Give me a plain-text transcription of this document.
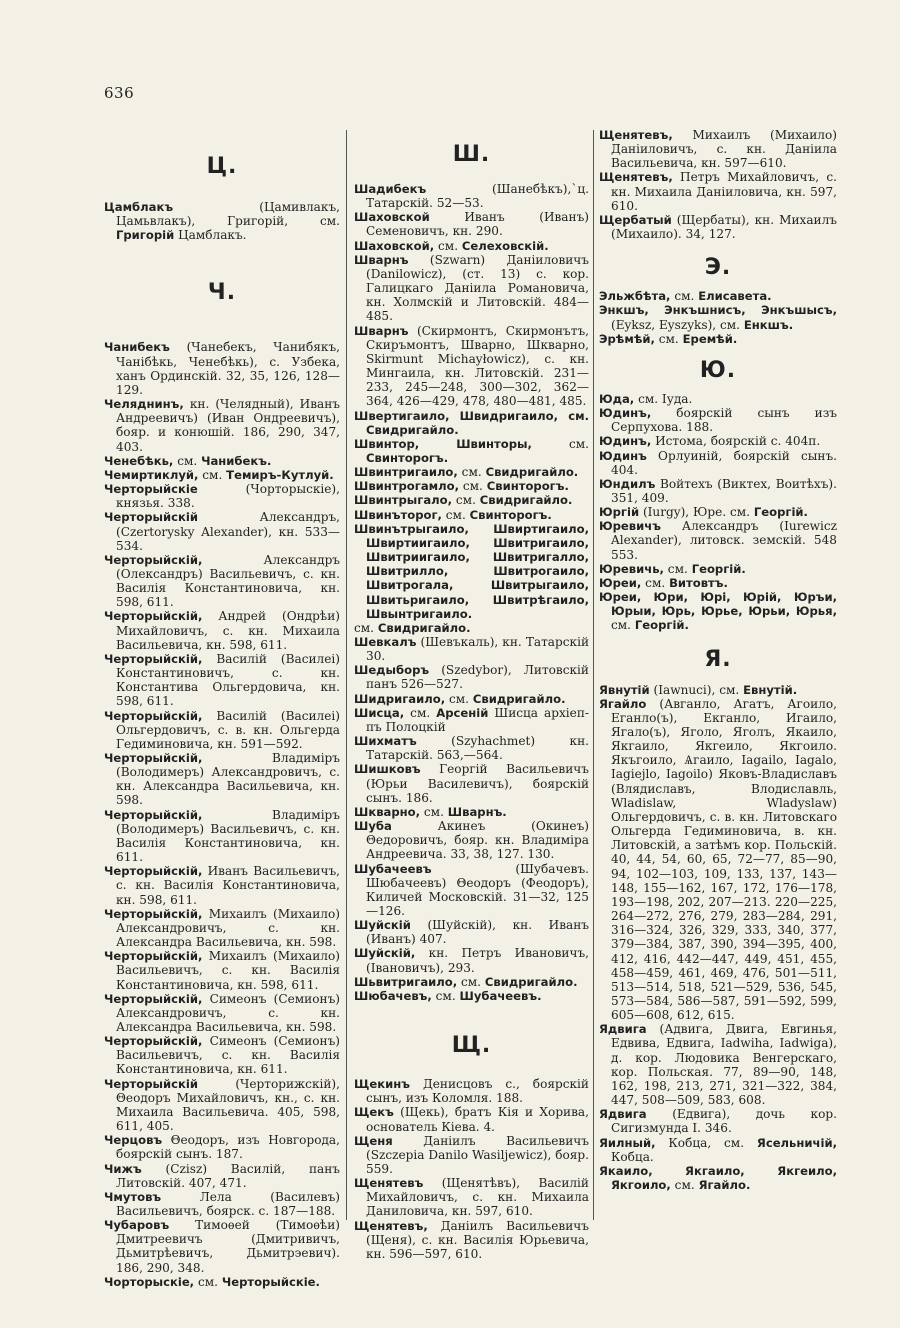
636
Ц.
Цамблакъ	(Цамивлакъ, Цамьвлакъ), Григорій, см. Григорій Цамблакъ.
Ч.
Чанибекъ (Чанебекъ, Чанибякъ, Чанібѣкь, Ченебѣкь), с. Узбека, ханъ Ординскій. 32, 35, 126, 128—129.
Челяднинъ, кн. (Челядный), Иванъ Андреевичъ) (Иван Ондреевичъ), бояр. и конюшій. 186, 290, 347, 403.
Ченебѣкь, см. Чанибекъ.
Чемиртиклуй, см. Темиръ-Кутлуй.
Черторыйскіе	(Чорторыскіе), князья. 338.
Черторыйскій	Александръ, (Czertorysky Alexander), кн. 533—534.
Черторыйскій,	Александръ (Олександръ) Васильевичъ, с. кн. Василія Константиновича, кн. 598, 611.
Черторыйскій, Андрей (Ондрѣи) Михайловичъ, с. кн. Михаила Васильевича, кн. 598, 611.
Черторыйскій, Василій (Василеі) Константиновичъ, с. кн. Константива Ольгердовича, кн. 598, 611.
Черторыйскій, Василій (Василеі) Ольгердовичъ, с. в. кн. Ольгерда Гедиминовича, кн. 591—592.
Черторыйскій,	Владиміръ (Володимеръ) Александровичъ, с. кн. Александра Васильевича, кн. 598.
Черторыйскій,	Владиміръ (Володимеръ) Васильевичъ, с. кн. Василія Константиновича, кн. 611.
Черторыйскій, Иванъ Васильевичъ, с. кн. Василія Константиновича, кн. 598, 611.
Черторыйскій, Михаилъ (Михаило) Александровичъ, с. кн. Александра Васильевича, кн. 598.
Черторыйскій, Михаилъ (Михаило) Васильевичъ, с. кн. Василія Константиновича, кн. 598, 611.
Черторыйскій, Симеонъ (Семионъ) Александровичъ, с. кн. Александра Васильевича, кн. 598.
Черторыйскій, Симеонъ (Семионъ) Васильевичъ, с. кн. Василія Константиновича, кн. 611.
Черторыйскій	(Черторижскій), Θеодоръ Михайловичъ, кн., с. кн. Михаила Васильевича. 405, 598, 611, 405.
Черцовъ Θеодоръ, изъ Новгорода, боярскій сынъ. 187.
Чижъ (Czisz) Василій, панъ Литовскій. 407, 471.
Чмутовъ	Лела (Василевъ) Васильевичъ, боярск. с. 187—188.
Чубаровъ Тимоѳей (Тимоѳѣи) Дмитреевичъ (Дмитривичъ, Дьмитрѣевичъ, Дьмитрэевич). 186, 290, 348.
Чорторыскіе, см. Черторыйскіе.
Ш.
Шадибекъ	(Шанебѣкъ),`ц. Татарскій. 52—53.
Шаховской	Иванъ (Иванъ) Семеновичъ, кн. 290.
Шаховской, см. Селеховскій.
Шварнъ (Szwarn) Даніиловичъ (Danilowicz), (ст. 13) с. кор. Галицкаго Даніила Романовича, кн. Холмскій и Литовскій. 484—485.
Шварнъ (Скирмонтъ, Скирмонътъ, Скиръмонтъ, Шварно, Шкварно, Skirmunt Michayłowicz), с. кн. Мингаила, кн. Литовскій. 231—233, 245—248, 300—302, 362—364, 426—429, 478, 480—481, 485.
Швертигаило, Швидригаило, см. Свидригайло.
Швинтор,	Швинторы,	см. Свинторогъ.
Швинтригаило, см. Свидригайло.
Швинтрогамло, см. Свинторогъ.
Швинтрыгало, см. Свидригайло.
Швинъторог, см. Свинторогъ.
Швинътрыгаило, Швиртигаило, Швиртиигаило, Швитригаило, Швитриигаило, Швитригалло, Швитрилло, Швитрогаило, Швитрогала, Швитрыгаило, Швитьригаило, Швитрѣгаило, Швынтригаило.
см. Свидригайло.
Шевкалъ (Шевъкаль), кн. Татарскій 30.
Шедыборъ (Szedybor), Литовскій панъ 526—527.
Шидригаило, см. Свидригайло.
Шисца, см. Арсеній Шисца архіеп-пъ Полоцкій
Шихматъ	(Szyhachmet) кн. Татарскій. 563,—564.
Шишковъ Георгій Васильевичъ (Юрьи Василевичъ), боярскій сынъ. 186.
Шкварно, см. Шварнъ.
Шуба	Акинеъ (Окинеъ) Θедоровичъ, бояр. кн. Владиміра Андреевича. 33, 38, 127. 130.
Шубачеевъ	(Шубачевъ. Шюбачеевъ) Θеодоръ (Феодоръ), Киличей Московскій. 31—32, 125—126.
Шуйскій (Шуйскій), кн. Иванъ (Иванъ) 407.
Шуйскій, кн. Петръ Ивановичъ, (Івановичъ), 293.
Шьвитригаило, см. Свидригайло.
Шюбачевъ, см. Шубачеевъ.
Щ.
Щекинъ Денисцовъ с., боярскій сынъ, изъ Коломля. 188.
Щекъ (Щекь), братъ Кія и Хорива, основатель Кіева. 4.
Щеня	Даніилъ Васильевичъ (Szczepia Danilo Wasiljewicz), бояр. 559.
Щенятевъ (Щенятѣвъ), Василій Михайловичъ, с. кн. Михаила Даниловича, кн. 597, 610.
Щенятевъ, Даніилъ Васильевичъ (Щеня), с. кн. Василія Юрьевича, кн. 596—597, 610.
Щенятевъ, Михаилъ (Михаило) Даніиловичъ, с. кн. Даніила Васильевича, кн. 597—610.
Щенятевъ, Петръ Михайловичъ, с. кн. Михаила Даніиловича, кн. 597, 610.
Щербатый (Щербаты), кн. Михаилъ (Михаило). 34, 127.
Э.
Эльжбѣта, см. Елисавета.
Энкшъ, Энкъшнисъ, Энкъшысъ, (Eyksz, Eyszyks), см. Енкшъ.
Эрѣмѣй, см. Еремѣй.
Ю.
Юда, см. Іуда.
Юдинъ, боярскій сынъ изъ Серпухова. 188.
Юдинъ, Истома, боярскій с. 404п.
Юдинъ Орлуиній, боярскій сынъ. 404.
Юндилъ Войтехъ (Виктех, Воитѣхъ). 351, 409.
Юргій (Iurgy), Юре. см. Георгій.
Юревичъ Александръ (Iurewicz Alexander), литовск. земскій. 548 553.
Юревичь, см. Георгій.
Юреи, см. Витовтъ.
Юреи, Юри, Юрі, Юрій, Юръи, Юрыи, Юрь, Юрье, Юрьи, Юрья, см. Георгій.
Я.
Явнутій (Iawnuci), см. Евнутій.
Ягайло (Авганло, Агатъ, Агоило, Еганло(ъ), Екганло, Игаило, Ягало(ъ), Яголо, Яголъ, Якаило, Якгаило, Якгеило, Якгоило. Якъгоило, Ѧгаило, Iagailo, Iagalo, Iagiejlo, Iagoilo) Яковъ-Владиславъ (Влядиславъ, Влодиславль, Wladislaw, Wladyslaw) Ольгердовичъ, с. в. кн. Литовскаго Ольгерда Гедиминовича, в. кн. Литовскій, а затѣмъ кор. Польскій. 40, 44, 54, 60, 65, 72—77, 85—90, 94, 102—103, 109, 133, 137, 143—148, 155—162, 167, 172, 176—178, 193—198, 202, 207—213. 220—225, 264—272, 276, 279, 283—284, 291, 316—324, 326, 329, 333, 340, 377, 379—384, 387, 390, 394—395, 400, 412, 416, 442—447, 449, 451, 455, 458—459, 461, 469, 476, 501—511, 513—514, 518, 521—529, 536, 545, 573—584, 586—587, 591—592, 599, 605—608, 612, 615.
Ядвига (Адвига, Двига, Евгинья, Едвива, Едвига, Iadwiha, Iadwiga), д. кор. Людовика Венгерскаго, кор. Польская. 77, 89—90, 148, 162, 198, 213, 271, 321—322, 384, 447, 508—509, 583, 608.
Ядвига (Едвига), дочь кор. Сигизмунда І. 346.
Яилный, Кобца, см. Ясельничій, Кобца.
Якаило,	Якгаило, Якгеило, Якгоило, см. Ягайло.
